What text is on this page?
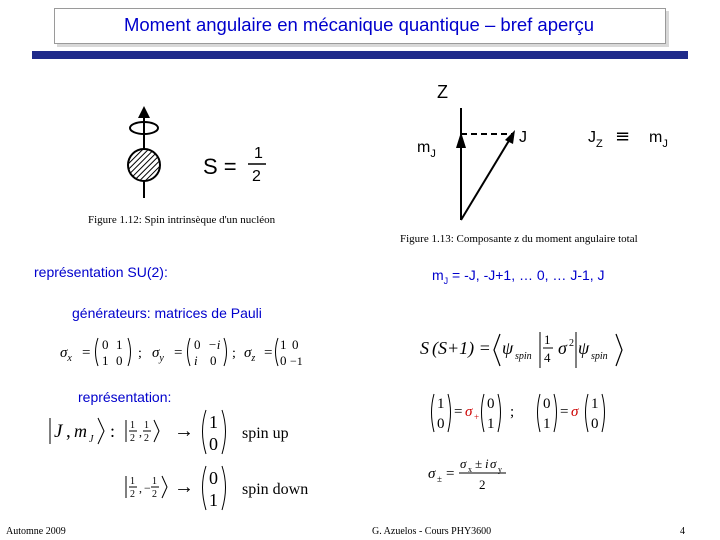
Moment angulaire en mécanique quantique – bref aperçu
S =
1
2
Figure 1.12: Spin intrinsèque d'un nucléon
Z
$m_J$
J	$J_Z \equiv m_J$
Figure 1.13: Composante z du moment angulaire total
représentation SU(2):
générateurs: matrices de Pauli
représentation:
$m_J = -J$, -J+1, … 0, … J-1, J
$\sigma_x$ =
0 1
1 0 ; $\sigma_y$ =
0 −i
i 0 ; $\sigma_z$ =
1 0
0 −1
S (S+1) = ψ spin
1
4 σ 2 ψ spin
J , m J : 1
2 , 1
2 → 1
0
spin up
1
2 , − 1
2 → 0
1
spin down
1
0
= σ +
0
1
; 0
1
= σ 1
0
σ ± =
σ x ± i σ y
2
Automne 2009	G. Azuelos - Cours PHY3600	4
